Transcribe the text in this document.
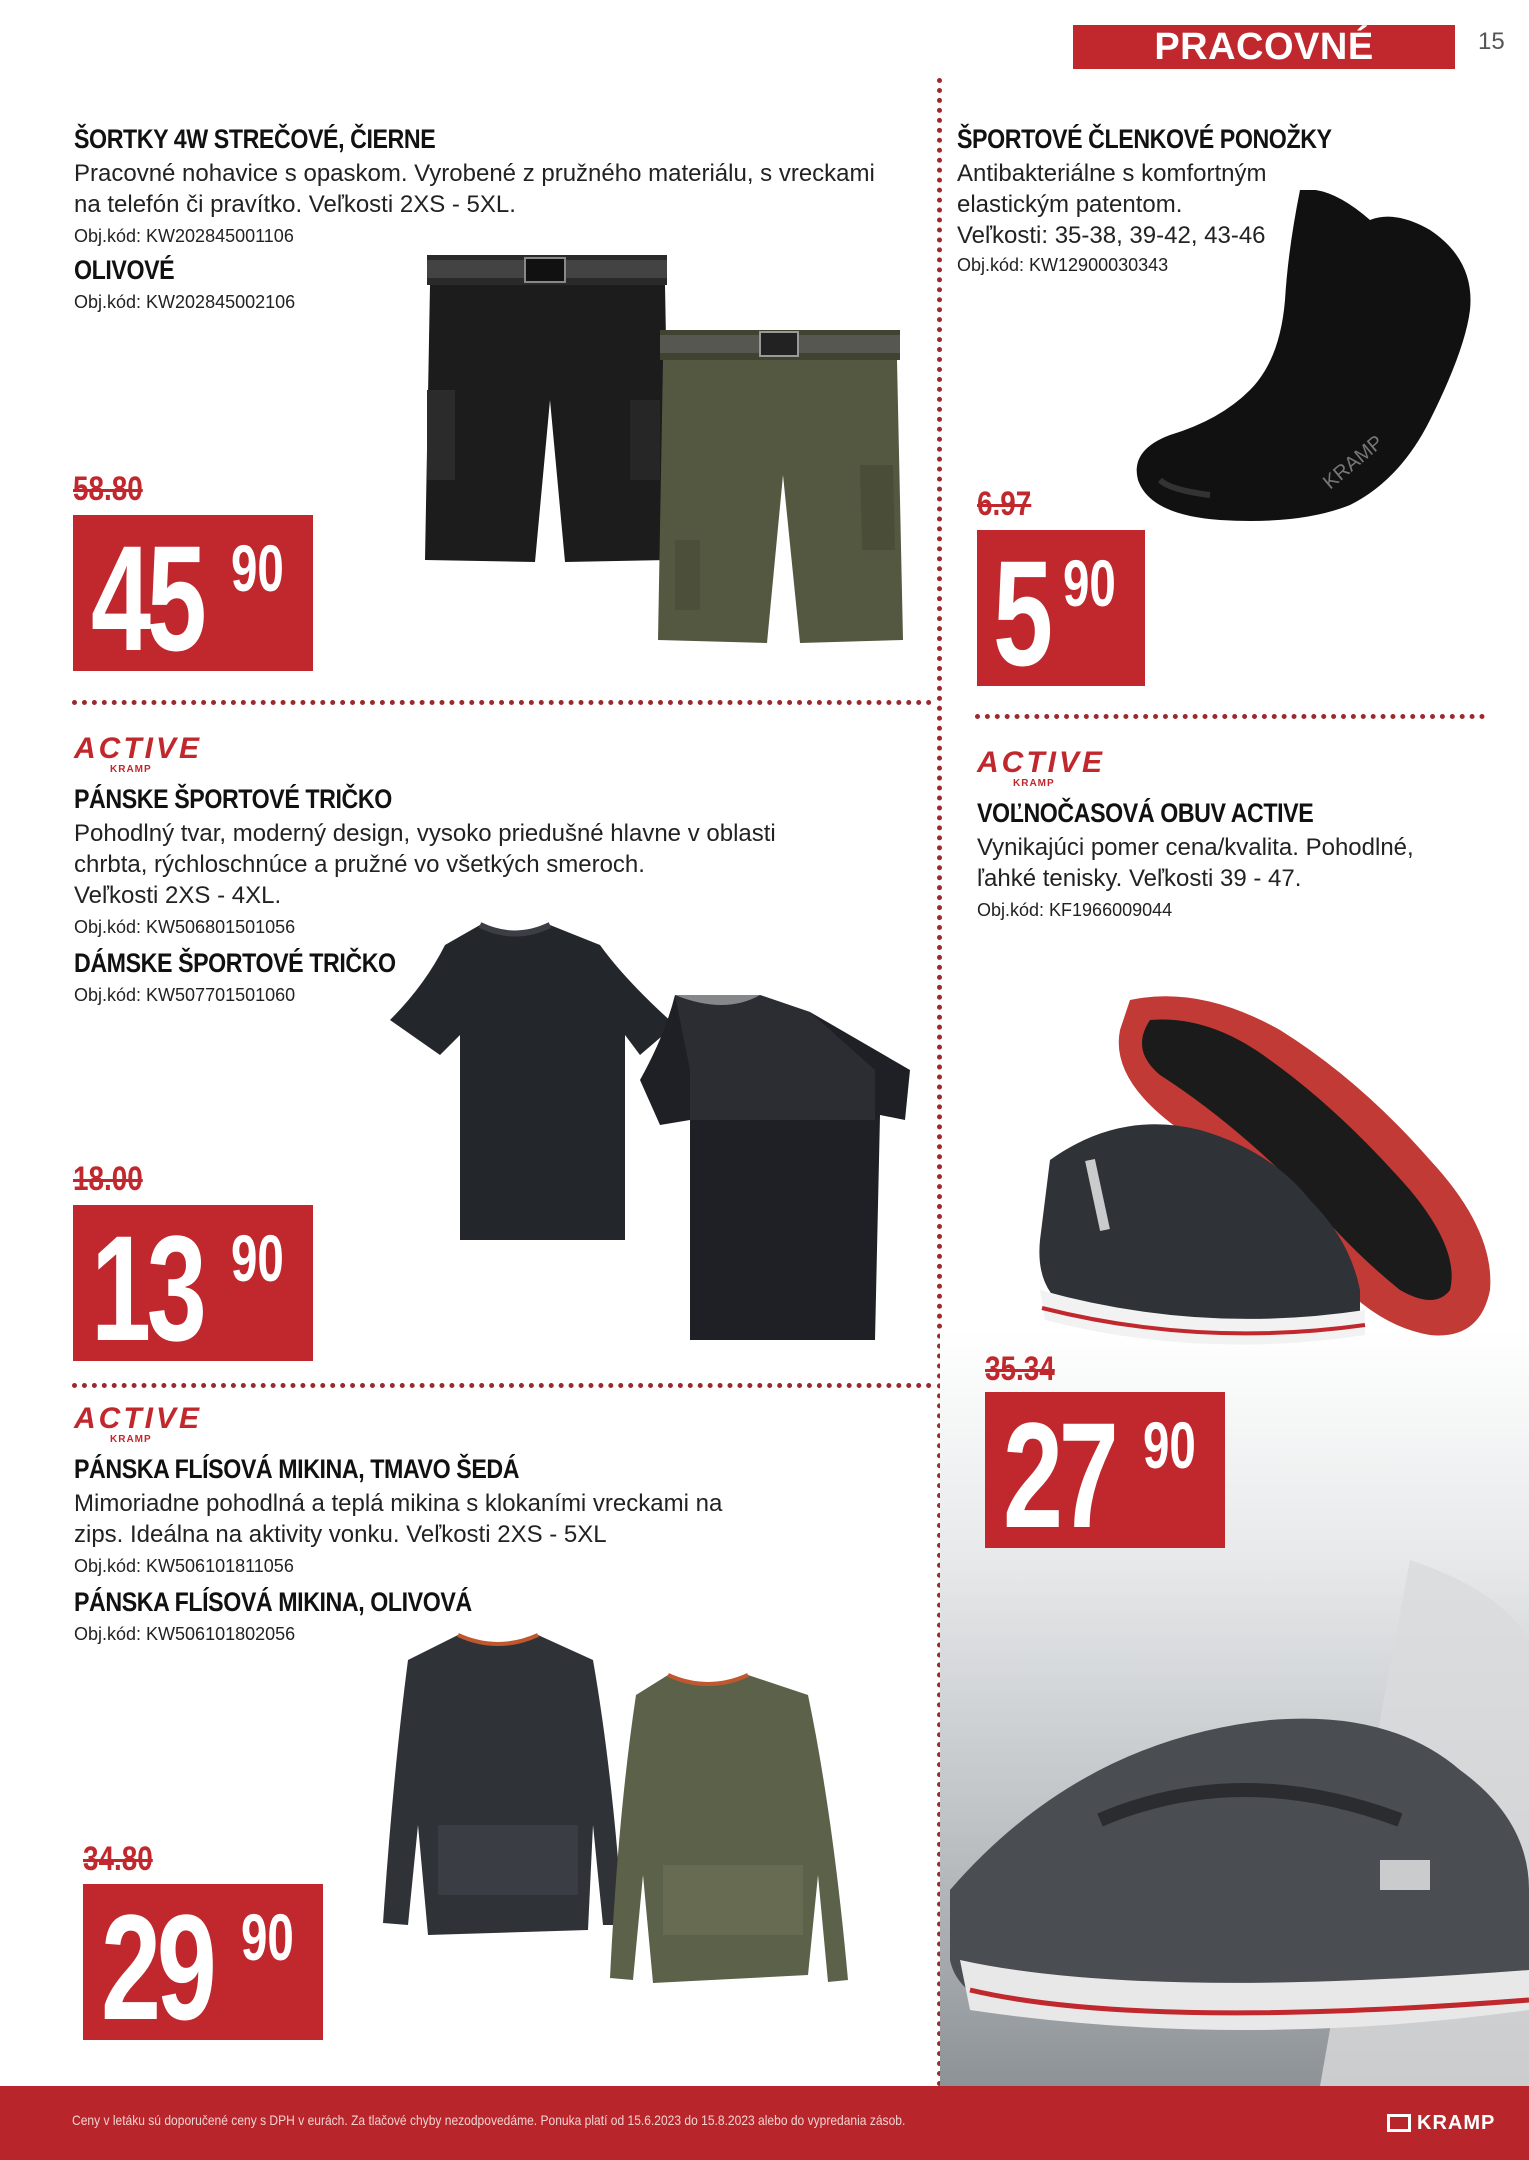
PRACOVNÉ OBLEČENIE
15
ŠORTKY 4W STREČOVÉ, ČIERNE
Pracovné nohavice s opaskom. Vyrobené z pružného materiálu, s vreckami
na telefón či pravítko. Veľkosti 2XS - 5XL.
Obj.kód: KW202845001106
OLIVOVÉ
Obj.kód: KW202845002106
58.80
45 90
ŠPORTOVÉ ČLENKOVÉ PONOŽKY
Antibakteriálne s komfortným
elastickým patentom.
Veľkosti: 35-38, 39-42, 43-46
Obj.kód: KW12900030343
KRAMP
6.97
5 90
ACTIVE
KRAMP
PÁNSKE ŠPORTOVÉ TRIČKO
Pohodlný tvar, moderný design, vysoko priedušné hlavne v oblasti
chrbta, rýchloschnúce a pružné vo všetkých smeroch.
Veľkosti 2XS - 4XL.
Obj.kód: KW506801501056
DÁMSKE ŠPORTOVÉ TRIČKO
Obj.kód: KW507701501060
18.00
13 90
ACTIVE
KRAMP
VOĽNOČASOVÁ OBUV ACTIVE
Vynikajúci pomer cena/kvalita. Pohodlné,
ľahké tenisky. Veľkosti 39 - 47.
Obj.kód: KF1966009044
35.34
27 90
ACTIVE
KRAMP
PÁNSKA FLÍSOVÁ MIKINA, TMAVO ŠEDÁ
Mimoriadne pohodlná a teplá mikina s klokaními vreckami na
zips. Ideálna na aktivity vonku. Veľkosti 2XS - 5XL
Obj.kód: KW506101811056
PÁNSKA FLÍSOVÁ MIKINA, OLIVOVÁ
Obj.kód: KW506101802056
34.80
29 90
Ceny v letáku sú doporučené ceny s DPH v eurách. Za tlačové chyby nezodpovedáme. Ponuka platí od 15.6.2023 do 15.8.2023 alebo do vypredania zásob.	KRAMP
